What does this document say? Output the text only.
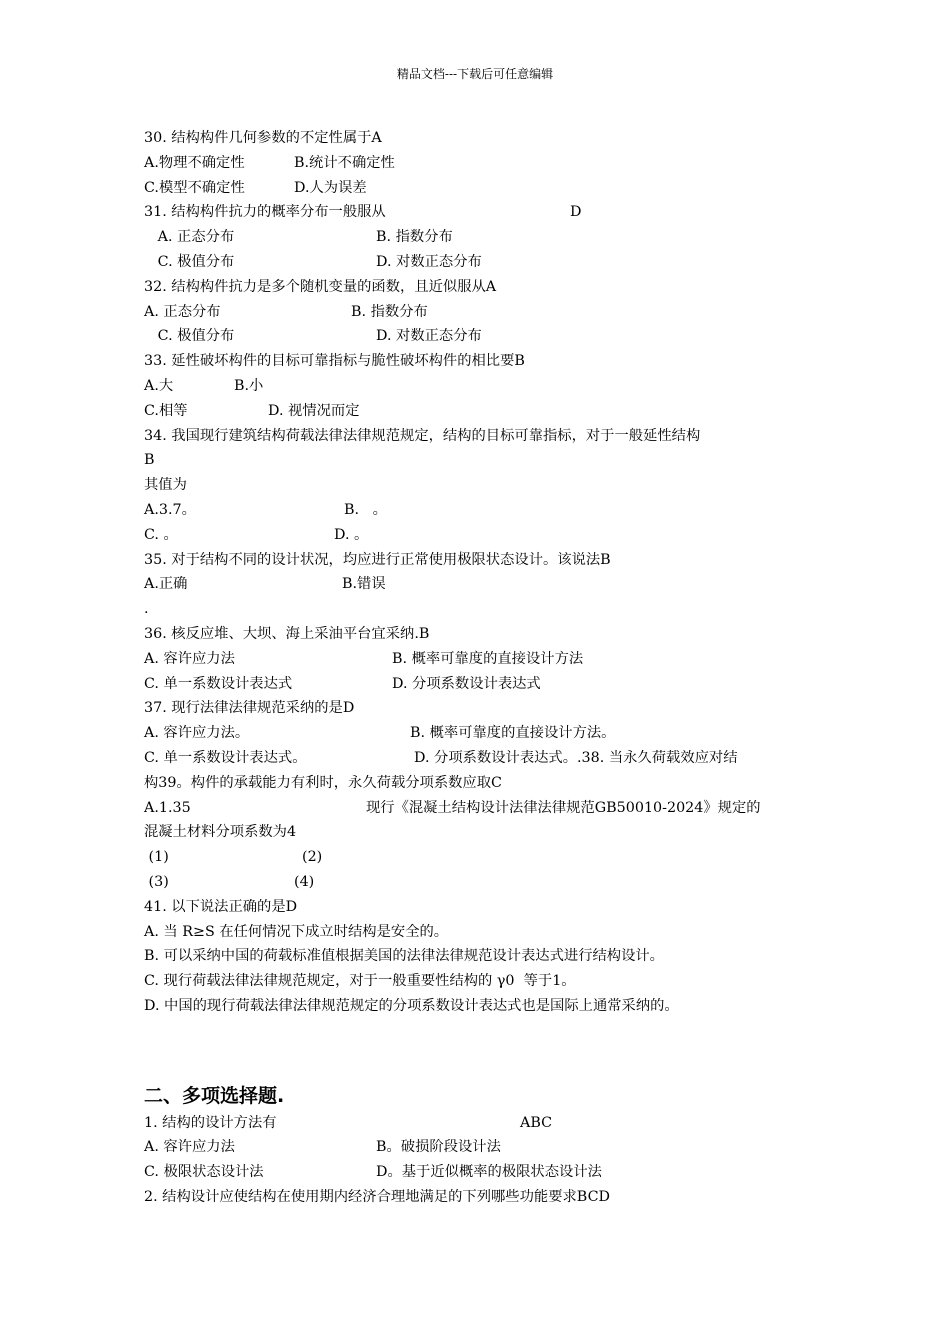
精品文档---下载后可任意编辑
30. 结构构件几何参数的不定性属于A
A.物理不确定性	B.统计不确定性
C.模型不确定性	D.人为误差
31. 结构构件抗力的概率分布一般服从	D
A. 正态分布	B. 指数分布
C. 极值分布	D. 对数正态分布
32. 结构构件抗力是多个随机变量的函数，且近似服从A
A. 正态分布	B. 指数分布
C. 极值分布	D. 对数正态分布
33. 延性破坏构件的目标可靠指标与脆性破坏构件的相比要B
A.大	B.小
C.相等	D. 视情况而定
34. 我国现行建筑结构荷载法律法律规范规定，结构的目标可靠指标，对于一般延性结构
B
其值为
A.3.7。	B.   。
C. 。	D. 。
35. 对于结构不同的设计状况，均应进行正常使用极限状态设计。该说法B
A.正确	B.错误
.
36. 核反应堆、大坝、海上采油平台宜采纳.B
A. 容许应力法	B. 概率可靠度的直接设计方法
C. 单一系数设计表达式	D. 分项系数设计表达式
37. 现行法律法律规范采纳的是D
A. 容许应力法。	B. 概率可靠度的直接设计方法。
C. 单一系数设计表达式。	D. 分项系数设计表达式。.38. 当永久荷载效应对结
构39。构件的承载能力有利时，永久荷载分项系数应取C
A.1.35	现行《混凝土结构设计法律法律规范GB50010-2024》规定的
混凝土材料分项系数为4
(1)	(2)
(3)	(4)
41. 以下说法正确的是D
A. 当 R≥S 在任何情况下成立时结构是安全的。
B. 可以采纳中国的荷载标准值根据美国的法律法律规范设计表达式进行结构设计。
C. 现行荷载法律法律规范规定，对于一般重要性结构的 γ0  等于1。
D. 中国的现行荷载法律法律规范规定的分项系数设计表达式也是国际上通常采纳的。
二、多项选择题.
1. 结构的设计方法有	ABC
A. 容许应力法	B。破损阶段设计法
C. 极限状态设计法	D。基于近似概率的极限状态设计法
2. 结构设计应使结构在使用期内经济合理地满足的下列哪些功能要求BCD
